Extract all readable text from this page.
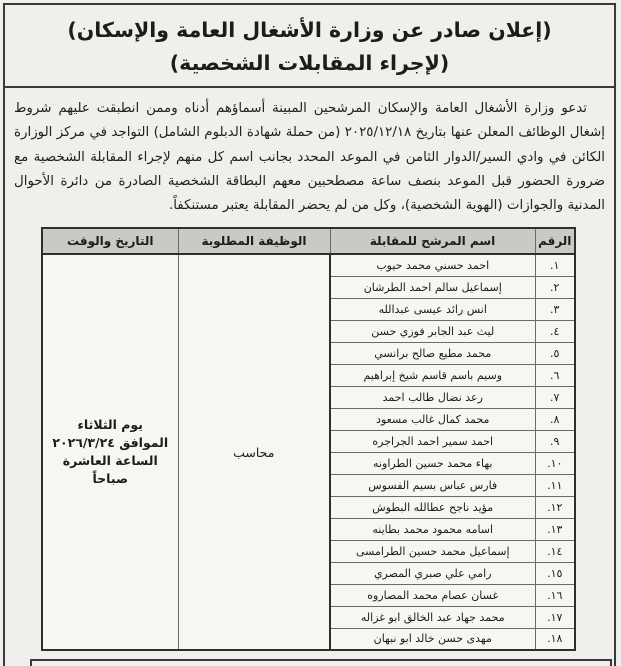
(إعلان صادر عن وزارة الأشغال العامة والإسكان)
(لإجراء المقابلات الشخصية)

تدعو وزارة الأشغال العامة والإسكان المرشحين المبينة أسماؤهم أدناه وممن انطبقت عليهم شروط إشغال الوظائف المعلن عنها بتاريخ ٢٠٢٥/١٢/١٨ (من حملة شهادة الدبلوم الشامل) التواجد في مركز الوزارة الكائن في وادي السير/الدوار الثامن في الموعد المحدد بجانب اسم كل منهم لإجراء المقابلة الشخصية مع ضرورة الحضور قبل الموعد بنصف ساعة مصطحبين معهم البطاقة الشخصية الصادرة من دائرة الأحوال المدنية والجوازات (الهوية الشخصية)، وكل من لم يحضر المقابلة يعتبر مستنكفاً.

الرقم	اسم المرشح للمقابلة	الوظيفة المطلوبة	التاريخ والوقت
١.	احمد حسني محمد حيوب	محاسب	يوم الثلاثاء
الموافق ٢٠٢٦/٣/٢٤
الساعة العاشرة صباحاً

٢.	إسماعيل سالم احمد الطرشان		
٣.	انس رائد عيسى عبدالله		
٤.	ليث عبد الجابر فوزي حسن		
٥.	محمد مطيع صالح برانسي		
٦.	وسيم باسم قاسم شيخ إبراهيم		
٧.	رعد نضال طالب احمد		
٨.	محمد كمال غالب مسعود		
٩.	احمد سمير احمد الجراجره		
١٠.	بهاء محمد حسين الطراونه		
١١.	فارس عباس بسيم الفسوس		
١٢.	مؤيد ناجح عطالله البطوش		
١٣.	اسامه محمود محمد بطاينه		
١٤.	إسماعيل محمد حسين الطرامسى		
١٥.	رامي علي صبري المصري		
١٦.	غسان عصام محمد المصاروه		
١٧.	محمد جهاد عبد الخالق ابو غزاله		
١٨.	مهدى حسن خالد ابو نبهان		
